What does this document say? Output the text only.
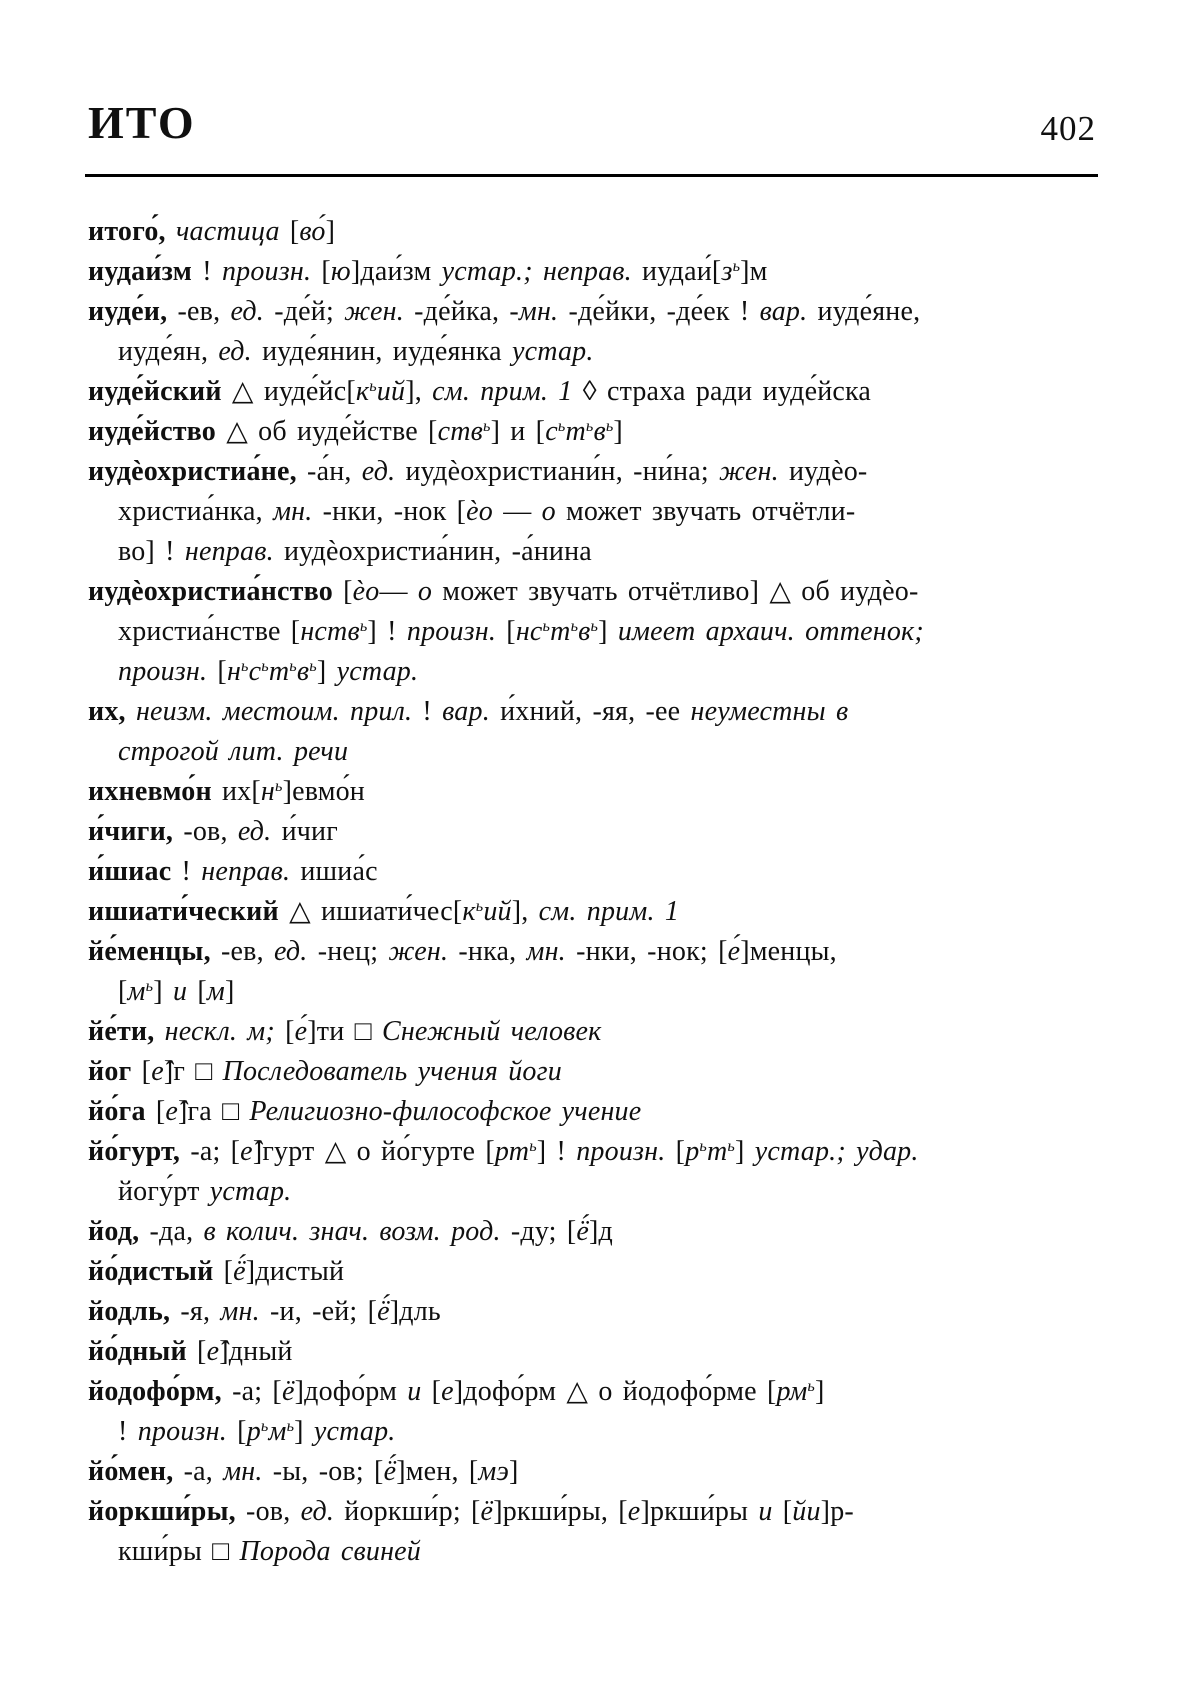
ИТО	402
итого́, частица [во́]
иудаи́зм ! произн. [ю]даи́зм устар.; неправ. $иудаи́[з^ь]м$
иуде́и, -ев, ед. -де́й; жен. -де́йка, -мн. -де́йки, -де́ек ! вар. иуде́яне,
иуде́ян, ед. иуде́янин, иуде́янка устар.
иуде́йский △ $иуде́йс[к^ьий]$, см. прим. 1 ◊ страха ради иуде́йска
иуде́йство △ об иуде́йстве [ств$^ь$] и $[с^ьт^ьв^ь]$
иудѐохристиа́не, -а́н, ед. иудѐохристиани́н, -ни́на; жен. иудѐо-
христиа́нка, мн. -нки, -нок [ѐо — о может звучать отчётли-
во] ! неправ. иудѐохристиа́нин, -а́нина
иудѐохристиа́нство [ѐо— о может звучать отчётливо] △ об иудѐо-
христиа́нстве [нств$^ь$] ! произн. $[нс^ьт^ьв^ь]$ имеет архаич. оттенок;
произн. $[н^ьс^ьт^ьв^ь]$ устар.
их, неизм. местоим. прил. ! вар. и́хний, -яя, -ее неуместны в
строгой лит. речи
ихневмо́н $их[н^ь]евмо́н$
и́чиги, -ов, ед. и́чиг
и́шиас ! неправ. ишиа́с
ишиати́ческий △ $ишиати́чес[к^ьий]$, см. прим. 1
йе́менцы, -ев, ед. -нец; жен. -нка, мн. -нки, -нок; [е́]менцы,
$[м^ь]$ и [м]
йе́ти, нескл. м; [е́]ти □ Снежный человек
йог [е̂]г □ Последователь учения йоги
йо́га [е̂]га □ Религиозно-философское учение
йо́гурт, -а; [е̂]гурт △ о йо́гурте $[рт^ь]$ ! произн. $[р^ьт^ь]$ устар.; удар.
йогу́рт устар.
йод, -да, в колич. знач. возм. род. -ду; [ё́]д
йо́дистый [ё́]дистый
йодль, -я, мн. -и, -ей; [ё́]дль
йо́дный [е̂]дный
йодофо́рм, -а; [ё]дофо́рм и [е]дофо́рм △ о йодофо́рме $[рм^ь]$
! произн. $[р^ьм^ь]$ устар.
йо́мен, -а, мн. -ы, -ов; [ё́]мен, [мэ]
йоркши́ры, -ов, ед. йоркши́р; [ё]ркши́ры, [е]ркши́ры и [йи]р-
кши́ры □ Порода свиней
